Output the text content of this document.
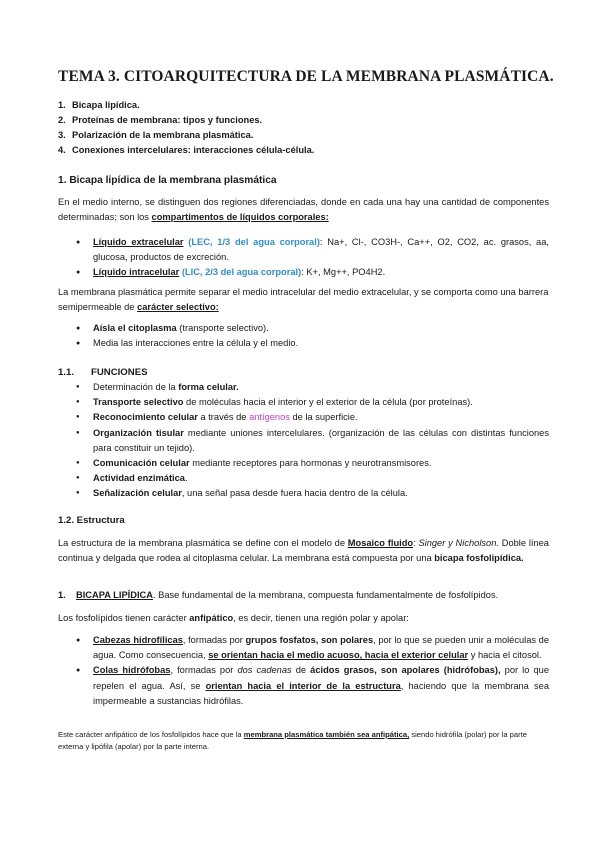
TEMA 3. CITOARQUITECTURA DE LA MEMBRANA PLASMÁTICA.
1. Bicapa lipídica.
2. Proteínas de membrana: tipos y funciones.
3. Polarización de la membrana plasmática.
4. Conexiones intercelulares: interacciones célula-célula.
1. Bicapa lipídica de la membrana plasmática
En el medio interno, se distinguen dos regiones diferenciadas, donde en cada una hay una cantidad de componentes determinadas; son los compartimentos de líquidos corporales:
● Líquido extracelular (LEC, 1/3 del agua corporal): Na+, Cl-, CO3H-, Ca++, O2, CO2, ac. grasos, aa, glucosa, productos de excreción.
● Líquido intracelular (LIC, 2/3 del agua corporal): K+, Mg++, PO4H2.
La membrana plasmática permite separar el medio intracelular del medio extracelular, y se comporta como una barrera semipermeable de carácter selectivo:
● Aísla el citoplasma (transporte selectivo).
● Media las interacciones entre la célula y el medio.
1.1. FUNCIONES
● Determinación de la forma celular.
● Transporte selectivo de moléculas hacia el interior y el exterior de la célula (por proteínas).
● Reconocimiento celular a través de antígenos de la superficie.
● Organización tisular mediante uniones intercelulares. (organización de las células con distintas funciones para constituir un tejido).
● Comunicación celular mediante receptores para hormonas y neurotransmisores.
● Actividad enzimática.
● Señalización celular, una señal pasa desde fuera hacia dentro de la célula.
1.2. Estructura
La estructura de la membrana plasmática se define con el modelo de Mosaico fluido: Singer y Nicholson. Doble línea continua y delgada que rodea al citoplasma celular. La membrana está compuesta por una bicapa fosfolipídica.
1. BICAPA LIPÍDICA. Base fundamental de la membrana, compuesta fundamentalmente de fosfolípidos.
Los fosfolípidos tienen carácter anfipático, es decir, tienen una región polar y apolar:
● Cabezas hidrofílicas, formadas por grupos fosfatos, son polares, por lo que se pueden unir a moléculas de agua. Como consecuencia, se orientan hacia el medio acuoso, hacia el exterior celular y hacia el citosol.
● Colas hidrófobas, formadas por dos cadenas de ácidos grasos, son apolares (hidrófobas), por lo que repelen el agua. Así, se orientan hacia el interior de la estructura, haciendo que la membrana sea impermeable a sustancias hidrófilas.
Este carácter anfipático de los fosfolípidos hace que la membrana plasmática también sea anfipática, siendo hidrófila (polar) por la parte externa y lipófila (apolar) por la parte interna.
